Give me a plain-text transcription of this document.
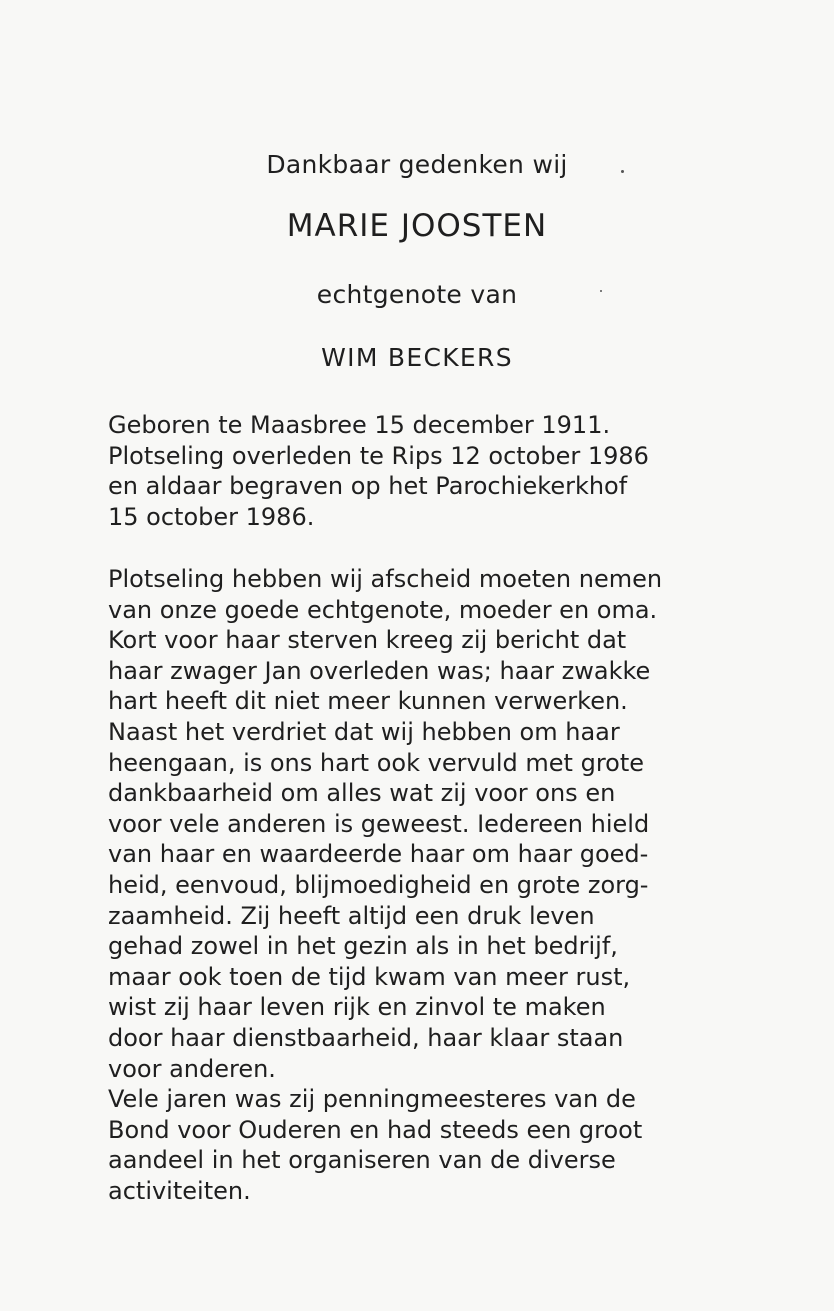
Dankbaar gedenken wij
MARIE JOOSTEN
echtgenote van
WIM BECKERS

Geboren te Maasbree 15 december 1911.
Plotseling overleden te Rips 12 october 1986
en aldaar begraven op het Parochiekerkhof
15 october 1986.

Plotseling hebben wij afscheid moeten nemen
van onze goede echtgenote, moeder en oma.
Kort voor haar sterven kreeg zij bericht dat
haar zwager Jan overleden was; haar zwakke
hart heeft dit niet meer kunnen verwerken.
Naast het verdriet dat wij hebben om haar
heengaan, is ons hart ook vervuld met grote
dankbaarheid om alles wat zij voor ons en
voor vele anderen is geweest. Iedereen hield
van haar en waardeerde haar om haar goed-
heid, eenvoud, blijmoedigheid en grote zorg-
zaamheid. Zij heeft altijd een druk leven
gehad zowel in het gezin als in het bedrijf,
maar ook toen de tijd kwam van meer rust,
wist zij haar leven rijk en zinvol te maken
door haar dienstbaarheid, haar klaar staan
voor anderen.

Vele jaren was zij penningmeesteres van de
Bond voor Ouderen en had steeds een groot
aandeel in het organiseren van de diverse
activiteiten.
